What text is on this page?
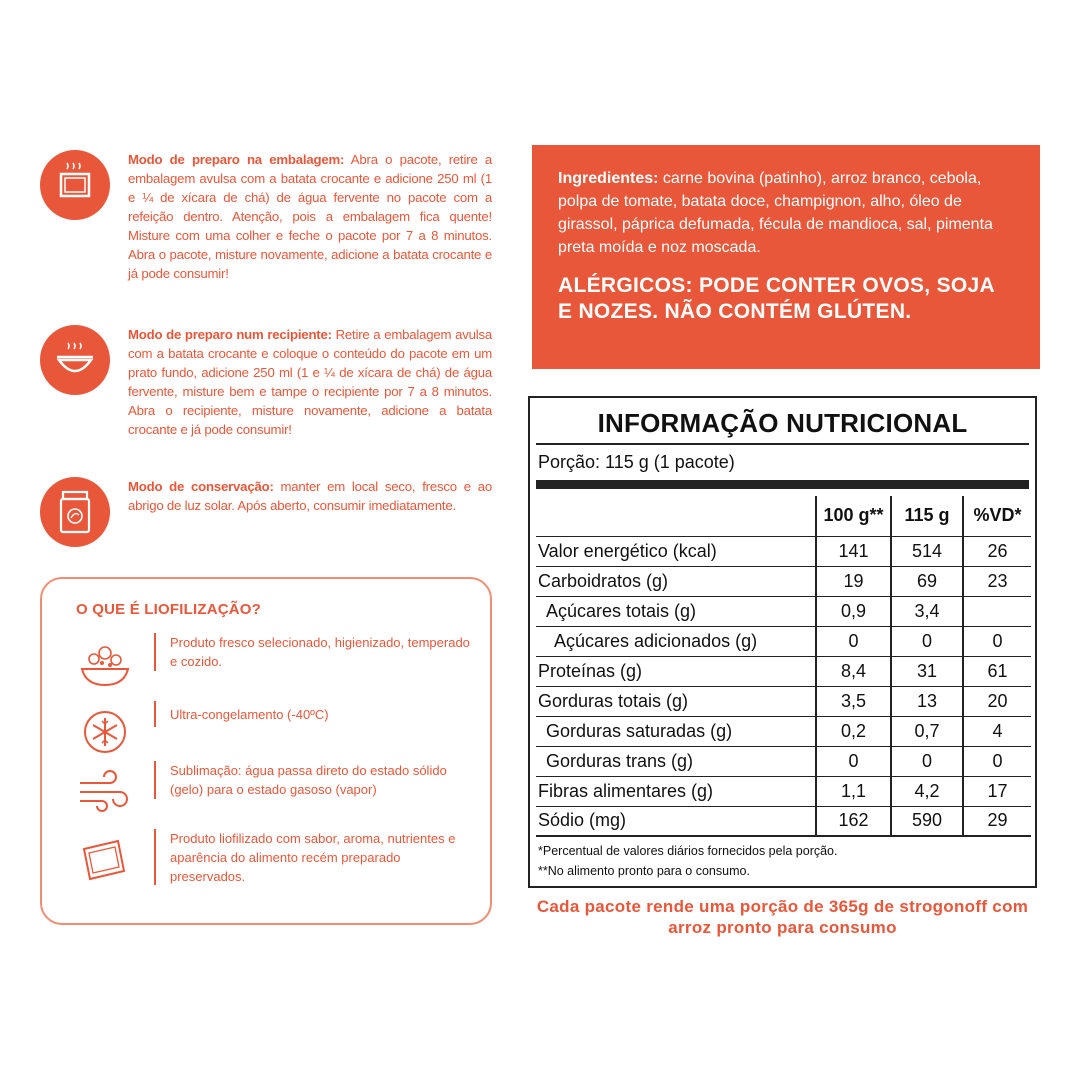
Modo de preparo na embalagem: Abra o pacote, retire a embalagem avulsa com a batata crocante e adicione 250 ml (1 e ¼ de xícara de chá) de água fervente no pacote com a refeição dentro. Atenção, pois a embalagem fica quente! Misture com uma colher e feche o pacote por 7 a 8 minutos. Abra o pacote, misture novamente, adicione a batata crocante e já pode consumir!
Modo de preparo num recipiente: Retire a embalagem avulsa com a batata crocante e coloque o conteúdo do pacote em um prato fundo, adicione 250 ml (1 e ¼ de xícara de chá) de água fervente, misture bem e tampe o recipiente por 7 a 8 minutos. Abra o recipiente, misture novamente, adicione a batata crocante e já pode consumir!
Modo de conservação: manter em local seco, fresco e ao abrigo de luz solar. Após aberto, consumir imediatamente.
O QUE É LIOFILIZAÇÃO?
Produto fresco selecionado, higienizado, temperado e cozido.
Ultra-congelamento (-40ºC)
Sublimação: água passa direto do estado sólido (gelo) para o estado gasoso (vapor)
Produto liofilizado com sabor, aroma, nutrientes e aparência do alimento recém preparado preservados.
Ingredientes: carne bovina (patinho), arroz branco, cebola, polpa de tomate, batata doce, champignon, alho, óleo de girassol, páprica defumada, fécula de mandioca, sal, pimenta preta moída e noz moscada.
ALÉRGICOS: PODE CONTER OVOS, SOJA E NOZES. NÃO CONTÉM GLÚTEN.
INFORMAÇÃO NUTRICIONAL
Porção: 115 g (1 pacote)
	100 g**	115 g	%VD*
Valor energético (kcal)	141	514	26
Carboidratos (g)	19	69	23
Açúcares totais (g)	0,9	3,4	
Açúcares adicionados (g)	0	0	0
Proteínas (g)	8,4	31	61
Gorduras totais (g)	3,5	13	20
Gorduras saturadas (g)	0,2	0,7	4
Gorduras trans (g)	0	0	0
Fibras alimentares (g)	1,1	4,2	17
Sódio (mg)	162	590	29
*Percentual de valores diários fornecidos pela porção.
**No alimento pronto para o consumo.
Cada pacote rende uma porção de 365g de strogonoff com arroz pronto para consumo
